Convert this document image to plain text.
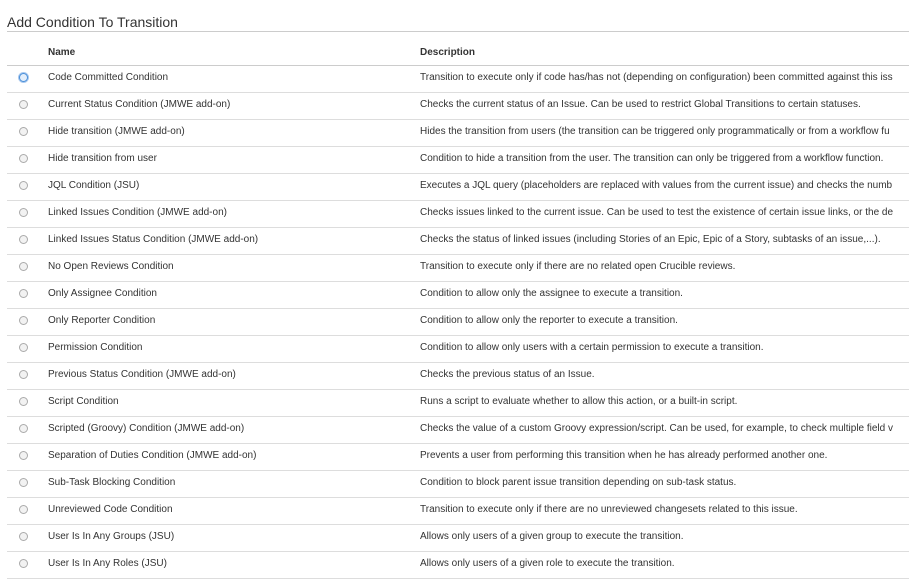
Add Condition To Transition
Name	Description
Code Committed Condition	Transition to execute only if code has/has not (depending on configuration) been committed against this iss
Current Status Condition (JMWE add-on)	Checks the current status of an Issue. Can be used to restrict Global Transitions to certain statuses.
Hide transition (JMWE add-on)	Hides the transition from users (the transition can be triggered only programmatically or from a workflow fu
Hide transition from user	Condition to hide a transition from the user. The transition can only be triggered from a workflow function.
JQL Condition (JSU)	Executes a JQL query (placeholders are replaced with values from the current issue) and checks the numb
Linked Issues Condition (JMWE add-on)	Checks issues linked to the current issue. Can be used to test the existence of certain issue links, or the de
Linked Issues Status Condition (JMWE add-on)	Checks the status of linked issues (including Stories of an Epic, Epic of a Story, subtasks of an issue,...).
No Open Reviews Condition	Transition to execute only if there are no related open Crucible reviews.
Only Assignee Condition	Condition to allow only the assignee to execute a transition.
Only Reporter Condition	Condition to allow only the reporter to execute a transition.
Permission Condition	Condition to allow only users with a certain permission to execute a transition.
Previous Status Condition (JMWE add-on)	Checks the previous status of an Issue.
Script Condition	Runs a script to evaluate whether to allow this action, or a built-in script.
Scripted (Groovy) Condition (JMWE add-on)	Checks the value of a custom Groovy expression/script. Can be used, for example, to check multiple field v
Separation of Duties Condition (JMWE add-on)	Prevents a user from performing this transition when he has already performed another one.
Sub-Task Blocking Condition	Condition to block parent issue transition depending on sub-task status.
Unreviewed Code Condition	Transition to execute only if there are no unreviewed changesets related to this issue.
User Is In Any Groups (JSU)	Allows only users of a given group to execute the transition.
User Is In Any Roles (JSU)	Allows only users of a given role to execute the transition.
